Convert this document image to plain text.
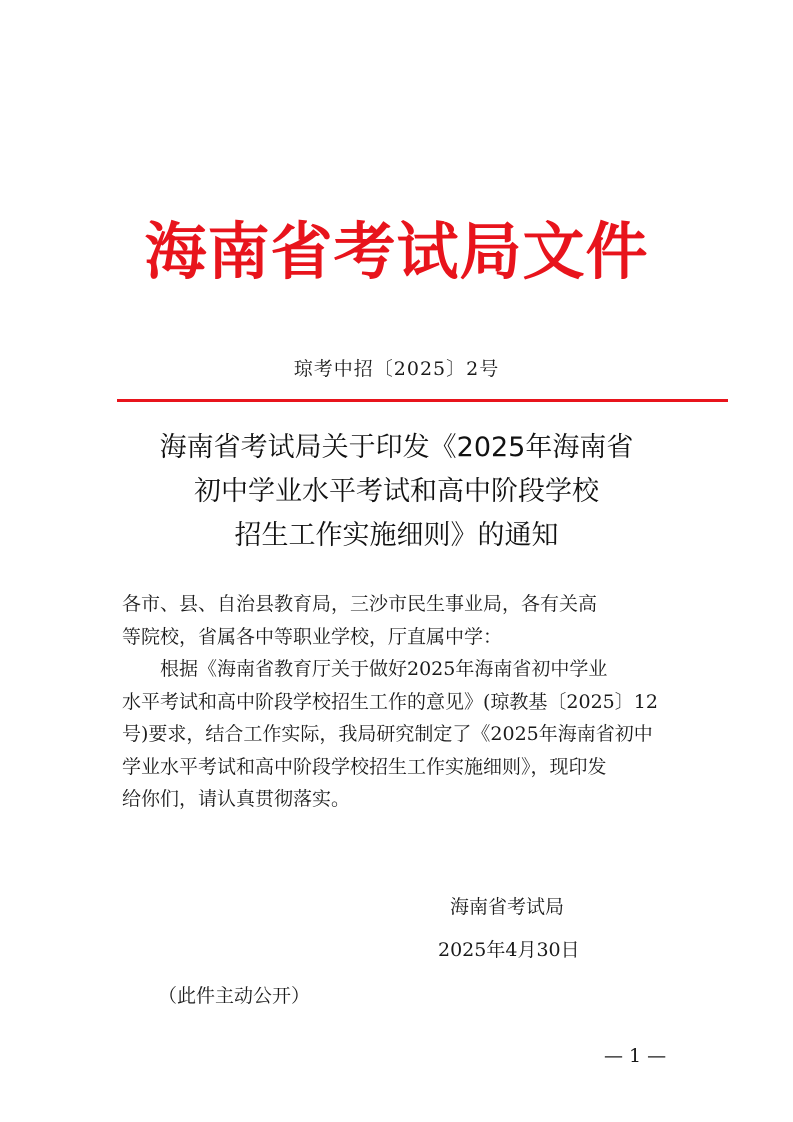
海南省考试局文件
琼考中招〔2025〕2号
海南省考试局关于印发《2025年海南省
初中学业水平考试和高中阶段学校
招生工作实施细则》的通知
各市、县、自治县教育局，三沙市民生事业局，各有关高
等院校，省属各中等职业学校，厅直属中学：
根据《海南省教育厅关于做好2025年海南省初中学业
水平考试和高中阶段学校招生工作的意见》(琼教基〔2025〕12
号)要求，结合工作实际，我局研究制定了《2025年海南省初中
学业水平考试和高中阶段学校招生工作实施细则》，现印发
给你们，请认真贯彻落实。
海南省考试局
2025年4月30日
（此件主动公开）
— 1 —
